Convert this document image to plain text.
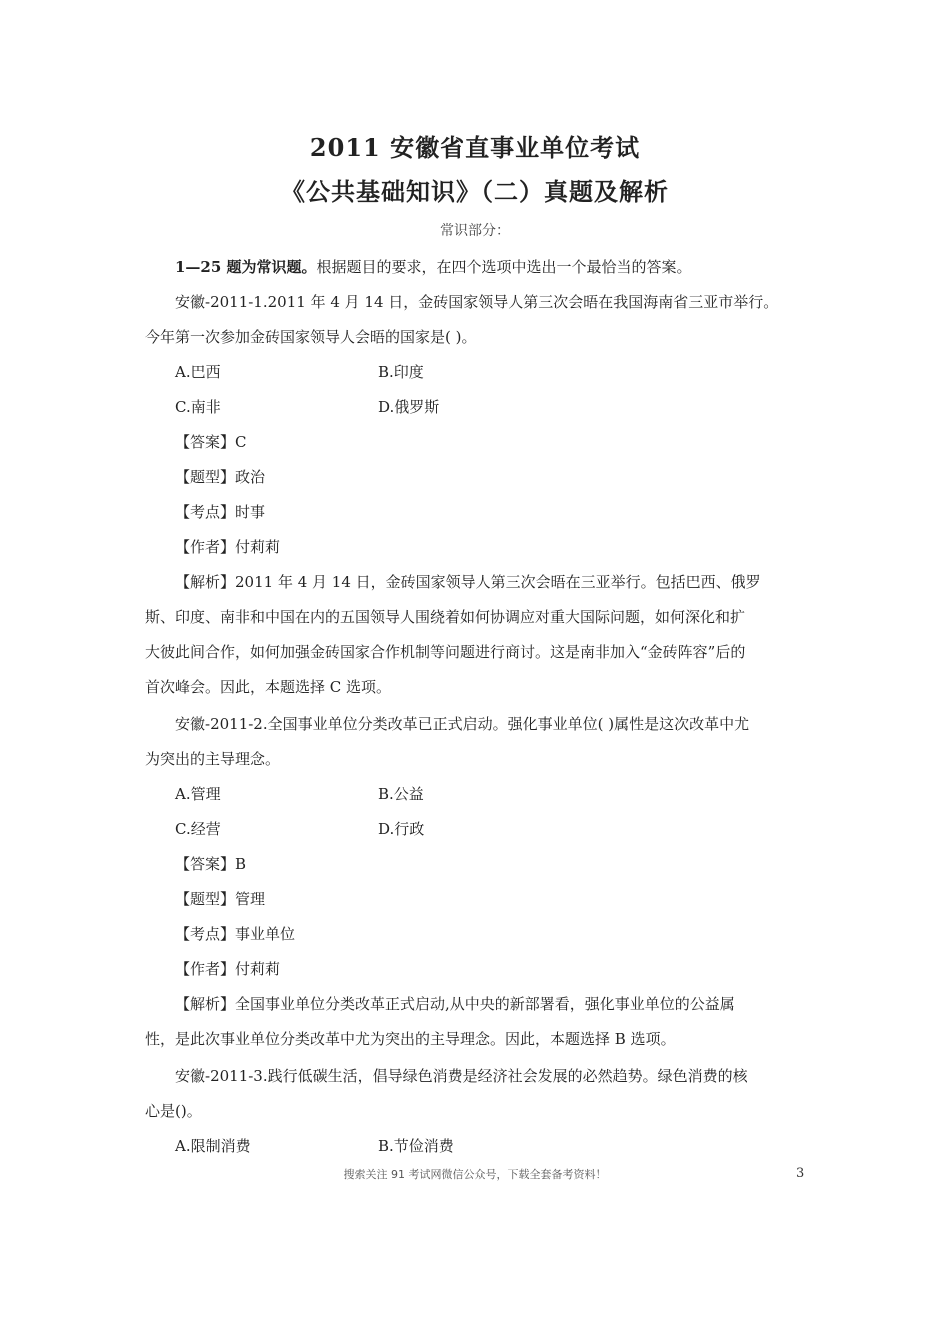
2011 安徽省直事业单位考试
《公共基础知识》（二）真题及解析
常识部分：
1—25 题为常识题。根据题目的要求，在四个选项中选出一个最恰当的答案。
安徽-2011-1.2011 年 4 月 14 日，金砖国家领导人第三次会晤在我国海南省三亚市举行。
今年第一次参加金砖国家领导人会晤的国家是( )。
A.巴西	B.印度
C.南非	D.俄罗斯
【答案】C
【题型】政治
【考点】时事
【作者】付莉莉
【解析】2011 年 4 月 14 日，金砖国家领导人第三次会晤在三亚举行。包括巴西、俄罗
斯、印度、南非和中国在内的五国领导人围绕着如何协调应对重大国际问题，如何深化和扩
大彼此间合作，如何加强金砖国家合作机制等问题进行商讨。这是南非加入“金砖阵容”后的
首次峰会。因此，本题选择 C 选项。
安徽-2011-2.全国事业单位分类改革已正式启动。强化事业单位( )属性是这次改革中尤
为突出的主导理念。
A.管理	B.公益
C.经营	D.行政
【答案】B
【题型】管理
【考点】事业单位
【作者】付莉莉
【解析】全国事业单位分类改革正式启动,从中央的新部署看，强化事业单位的公益属
性，是此次事业单位分类改革中尤为突出的主导理念。因此，本题选择 B 选项。
安徽-2011-3.践行低碳生活，倡导绿色消费是经济社会发展的必然趋势。绿色消费的核
心是()。
A.限制消费	B.节俭消费
搜索关注 91 考试网微信公众号，下载全套备考资料！	3
